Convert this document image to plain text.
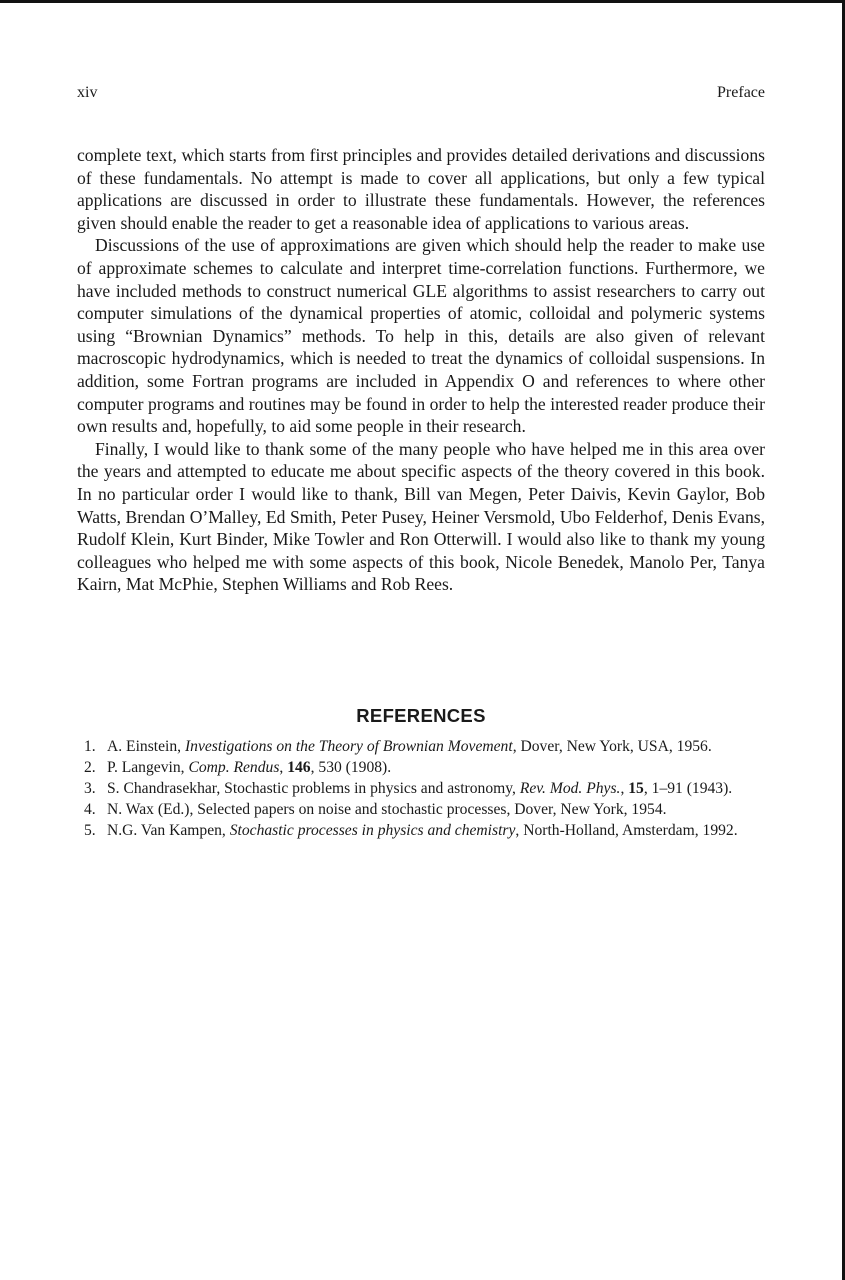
xiv	Preface

complete text, which starts from first principles and provides detailed derivations and discussions of these fundamentals. No attempt is made to cover all applications, but only a few typical applications are discussed in order to illustrate these fundamentals. However, the references given should enable the reader to get a reasonable idea of applications to various areas.

Discussions of the use of approximations are given which should help the reader to make use of approximate schemes to calculate and interpret time-correlation functions. Furthermore, we have included methods to construct numerical GLE algorithms to assist researchers to carry out computer simulations of the dynamical properties of atomic, colloidal and polymeric systems using “Brownian Dynamics” methods. To help in this, details are also given of relevant macroscopic hydrodynamics, which is needed to treat the dynamics of colloidal suspensions. In addition, some Fortran programs are included in Appendix O and references to where other computer programs and routines may be found in order to help the interested reader produce their own results and, hopefully, to aid some people in their research.

Finally, I would like to thank some of the many people who have helped me in this area over the years and attempted to educate me about specific aspects of the theory covered in this book. In no particular order I would like to thank, Bill van Megen, Peter Daivis, Kevin Gaylor, Bob Watts, Brendan O’Malley, Ed Smith, Peter Pusey, Heiner Versmold, Ubo Felderhof, Denis Evans, Rudolf Klein, Kurt Binder, Mike Towler and Ron Otterwill. I would also like to thank my young colleagues who helped me with some aspects of this book, Nicole Benedek, Manolo Per, Tanya Kairn, Mat McPhie, Stephen Williams and Rob Rees.

REFERENCES
1. A. Einstein, Investigations on the Theory of Brownian Movement, Dover, New York, USA, 1956.
2. P. Langevin, Comp. Rendus, 146, 530 (1908).
3. S. Chandrasekhar, Stochastic problems in physics and astronomy, Rev. Mod. Phys., 15, 1–91 (1943).
4. N. Wax (Ed.), Selected papers on noise and stochastic processes, Dover, New York, 1954.
5. N.G. Van Kampen, Stochastic processes in physics and chemistry, North-Holland, Amsterdam, 1992.
